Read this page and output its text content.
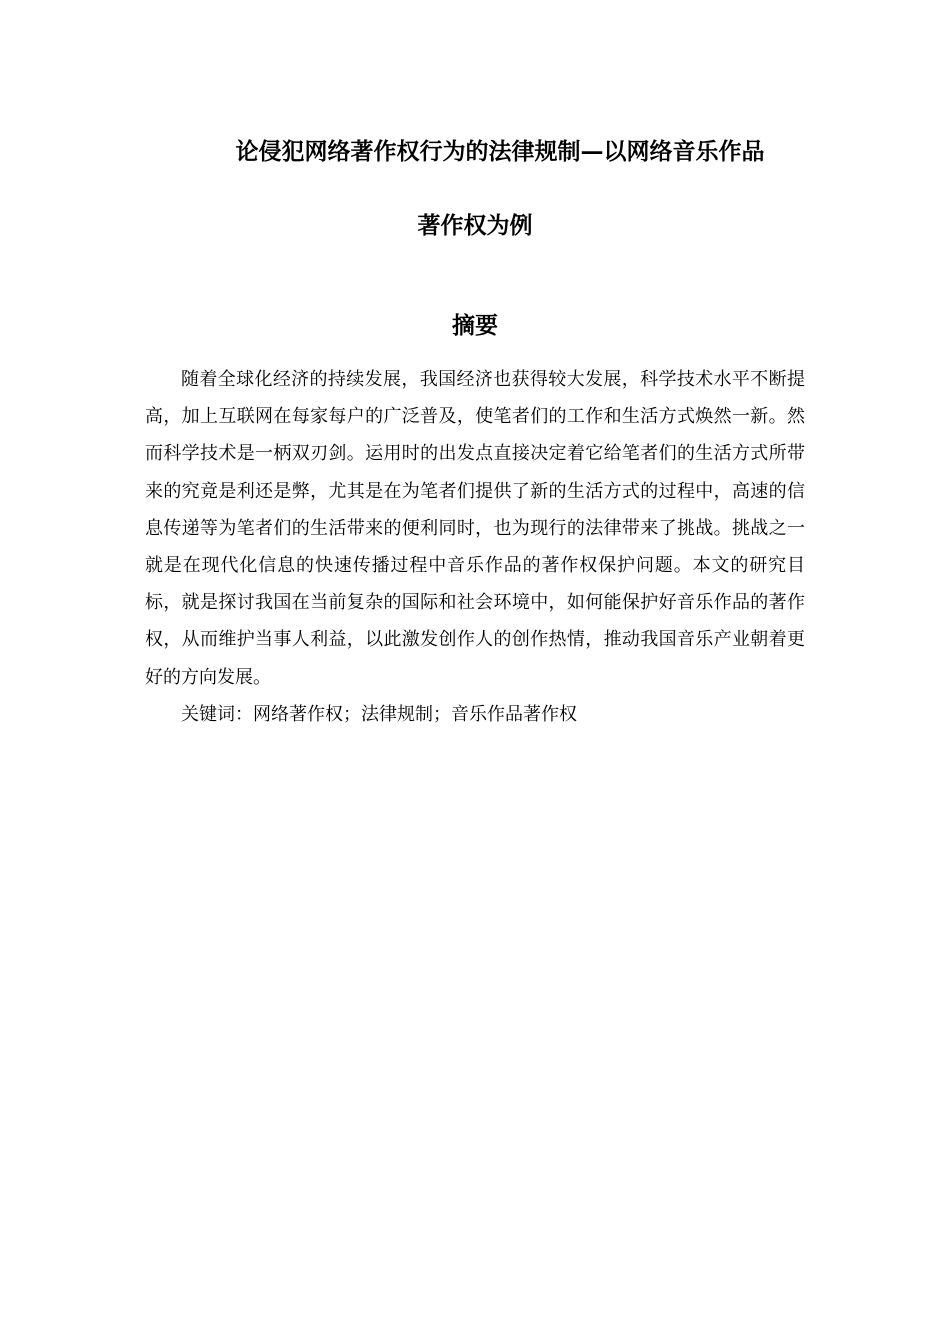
论侵犯网络著作权行为的法律规制—以网络音乐作品
著作权为例
摘要

随着全球化经济的持续发展，我国经济也获得较大发展，科学技术水平不断提高，加上互联网在每家每户的广泛普及，使笔者们的工作和生活方式焕然一新。然而科学技术是一柄双刃剑。运用时的出发点直接决定着它给笔者们的生活方式所带来的究竟是利还是弊，尤其是在为笔者们提供了新的生活方式的过程中，高速的信息传递等为笔者们的生活带来的便利同时，也为现行的法律带来了挑战。挑战之一就是在现代化信息的快速传播过程中音乐作品的著作权保护问题。本文的研究目标，就是探讨我国在当前复杂的国际和社会环境中，如何能保护好音乐作品的著作权，从而维护当事人利益，以此激发创作人的创作热情，推动我国音乐产业朝着更好的方向发展。

关键词：网络著作权；法律规制；音乐作品著作权
